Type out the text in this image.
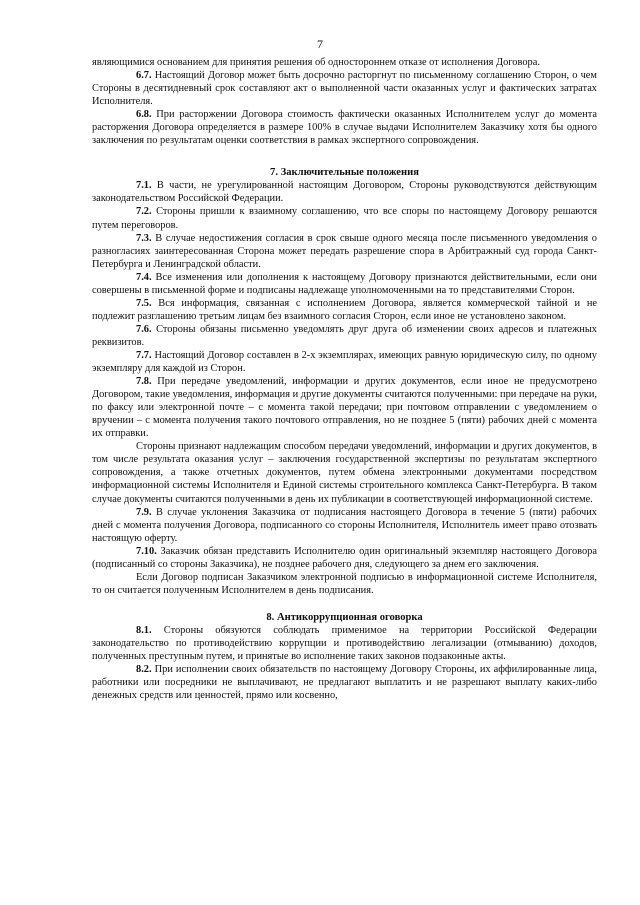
7

являющимися основанием для принятия решения об одностороннем отказе от исполнения Договора.

6.7. Настоящий Договор может быть досрочно расторгнут по письменному соглашению Сторон, о чем Стороны в десятидневный срок составляют акт о выполненной части оказанных услуг и фактических затратах Исполнителя.

6.8. При расторжении Договора стоимость фактически оказанных Исполнителем услуг до момента расторжения Договора определяется в размере 100% в случае выдачи Исполнителем Заказчику хотя бы одного заключения по результатам оценки соответствия в рамках экспертного сопровождения.

7. Заключительные положения

7.1. В части, не урегулированной настоящим Договором, Стороны руководствуются действующим законодательством Российской Федерации.

7.2. Стороны пришли к взаимному соглашению, что все споры по настоящему Договору решаются путем переговоров.

7.3. В случае недостижения согласия в срок свыше одного месяца после письменного уведомления о разногласиях заинтересованная Сторона может передать разрешение спора в Арбитражный суд города Санкт-Петербурга и Ленинградской области.

7.4. Все изменения или дополнения к настоящему Договору признаются действительными, если они совершены в письменной форме и подписаны надлежаще уполномоченными на то представителями Сторон.

7.5. Вся информация, связанная с исполнением Договора, является коммерческой тайной и не подлежит разглашению третьим лицам без взаимного согласия Сторон, если иное не установлено законом.

7.6. Стороны обязаны письменно уведомлять друг друга об изменении своих адресов и платежных реквизитов.

7.7. Настоящий Договор составлен в 2-х экземплярах, имеющих равную юридическую силу, по одному экземпляру для каждой из Сторон.

7.8. При передаче уведомлений, информации и других документов, если иное не предусмотрено Договором, такие уведомления, информация и другие документы считаются полученными: при передаче на руки, по факсу или электронной почте – с момента такой передачи; при почтовом отправлении с уведомлением о вручении – с момента получения такого почтового отправления, но не позднее 5 (пяти) рабочих дней с момента их отправки.

Стороны признают надлежащим способом передачи уведомлений, информации и других документов, в том числе результата оказания услуг – заключения государственной экспертизы по результатам экспертного сопровождения, а также отчетных документов, путем обмена электронными документами посредством информационной системы Исполнителя и Единой системы строительного комплекса Санкт-Петербурга. В таком случае документы считаются полученными в день их публикации в соответствующей информационной системе.

7.9. В случае уклонения Заказчика от подписания настоящего Договора в течение 5 (пяти) рабочих дней с момента получения Договора, подписанного со стороны Исполнителя, Исполнитель имеет право отозвать настоящую оферту.

7.10. Заказчик обязан представить Исполнителю один оригинальный экземпляр настоящего Договора (подписанный со стороны Заказчика), не позднее рабочего дня, следующего за днем его заключения.

Если Договор подписан Заказчиком электронной подписью в информационной системе Исполнителя, то он считается полученным Исполнителем в день подписания.

8. Антикоррупционная оговорка

8.1. Стороны обязуются соблюдать применимое на территории Российской Федерации законодательство по противодействию коррупции и противодействию легализации (отмыванию) доходов, полученных преступным путем, и принятые во исполнение таких законов подзаконные акты.

8.2. При исполнении своих обязательств по настоящему Договору Стороны, их аффилированные лица, работники или посредники не выплачивают, не предлагают выплатить и не разрешают выплату каких-либо денежных средств или ценностей, прямо или косвенно,
